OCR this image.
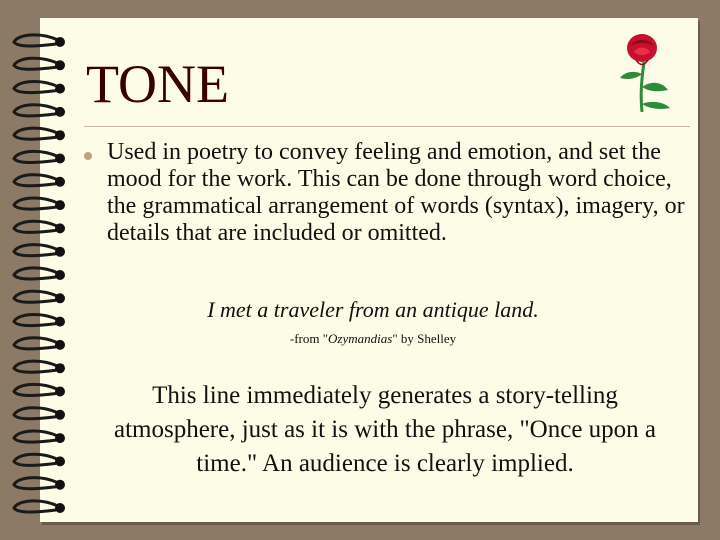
TONE

Used in poetry to convey feeling and emotion, and set the mood for the work. This can be done through word choice, the grammatical arrangement of words (syntax), imagery, or details that are included or omitted.

I met a traveler from an antique land.

-from "Ozymandias" by Shelley

This line immediately generates a story-telling atmosphere, just as it is with the phrase, "Once upon a time." An audience is clearly implied.
